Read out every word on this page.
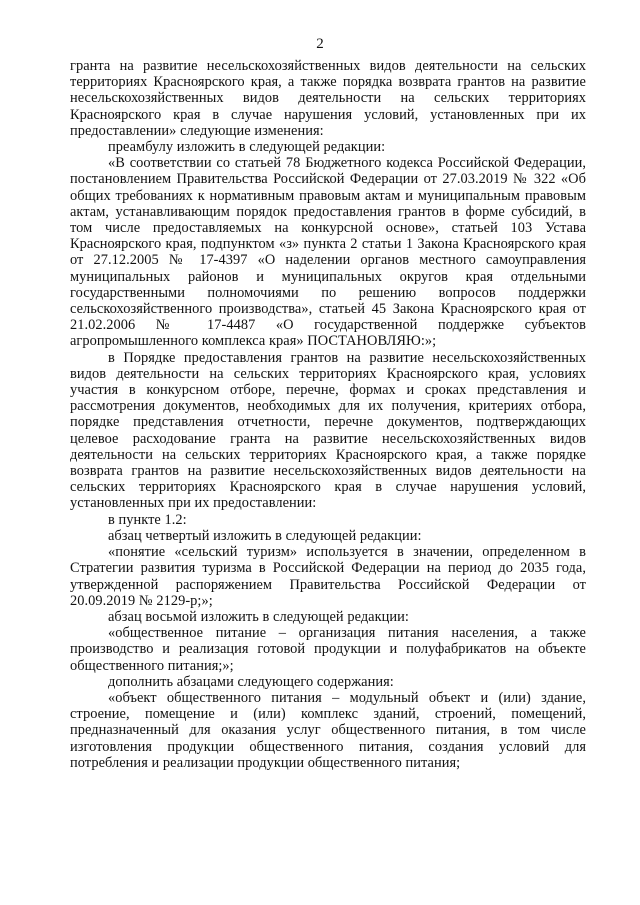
2

гранта на развитие несельскохозяйственных видов деятельности на сельских территориях Красноярского края, а также порядка возврата грантов на развитие несельскохозяйственных видов деятельности на сельских территориях Красноярского края в случае нарушения условий, установленных при их предоставлении» следующие изменения:

преамбулу изложить в следующей редакции:

«В соответствии со статьей 78 Бюджетного кодекса Российской Федерации, постановлением Правительства Российской Федерации от 27.03.2019 № 322 «Об общих требованиях к нормативным правовым актам и муниципальным правовым актам, устанавливающим порядок предоставления грантов в форме субсидий, в том числе предоставляемых на конкурсной основе», статьей 103 Устава Красноярского края, подпунктом «з» пункта 2 статьи 1 Закона Красноярского края от 27.12.2005 № 17-4397 «О наделении органов местного самоуправления муниципальных районов и муниципальных округов края отдельными государственными полномочиями по решению вопросов поддержки сельскохозяйственного производства», статьей 45 Закона Красноярского края от 21.02.2006 № 17-4487 «О государственной поддержке субъектов агропромышленного комплекса края» ПОСТАНОВЛЯЮ:»;

в Порядке предоставления грантов на развитие несельскохозяйственных видов деятельности на сельских территориях Красноярского края, условиях участия в конкурсном отборе, перечне, формах и сроках представления и рассмотрения документов, необходимых для их получения, критериях отбора, порядке представления отчетности, перечне документов, подтверждающих целевое расходование гранта на развитие несельскохозяйственных видов деятельности на сельских территориях Красноярского края, а также порядке возврата грантов на развитие несельскохозяйственных видов деятельности на сельских территориях Красноярского края в случае нарушения условий, установленных при их предоставлении:

в пункте 1.2:

абзац четвертый изложить в следующей редакции:

«понятие «сельский туризм» используется в значении, определенном в Стратегии развития туризма в Российской Федерации на период до 2035 года, утвержденной распоряжением Правительства Российской Федерации от 20.09.2019 № 2129-р;»;

абзац восьмой изложить в следующей редакции:

«общественное питание – организация питания населения, а также производство и реализация готовой продукции и полуфабрикатов на объекте общественного питания;»;

дополнить абзацами следующего содержания:

«объект общественного питания – модульный объект и (или) здание, строение, помещение и (или) комплекс зданий, строений, помещений, предназначенный для оказания услуг общественного питания, в том числе изготовления продукции общественного питания, создания условий для потребления и реализации продукции общественного питания;
